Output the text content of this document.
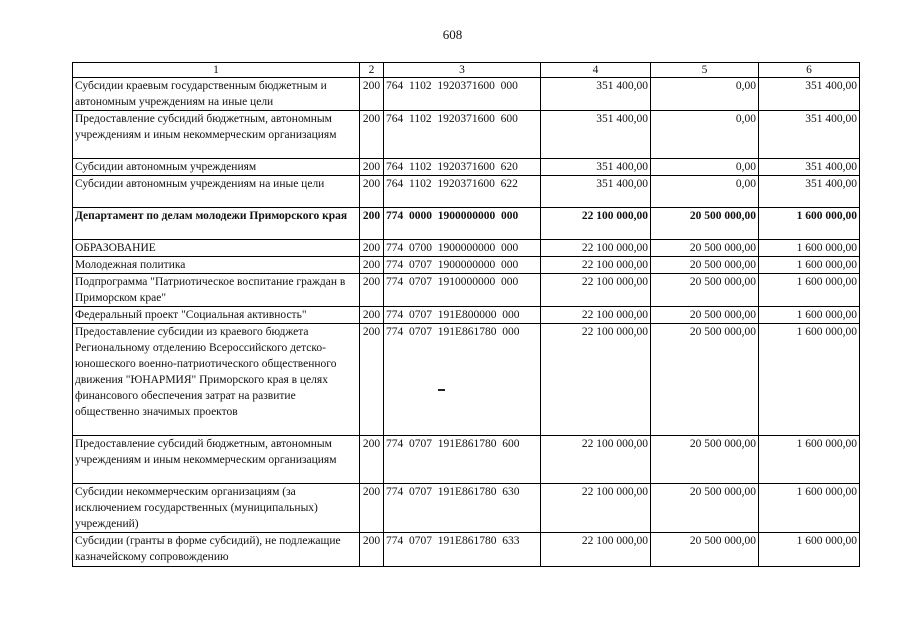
608
1	2	3	4	5	6
Субсидии краевым государственным бюджетным и автономным учреждениям на иные цели	200	764  1102  1920371600  000	351 400,00	0,00	351 400,00
Предоставление субсидий бюджетным, автономным учреждениям и иным некоммерческим организациям	200	764  1102  1920371600  600	351 400,00	0,00	351 400,00
Субсидии автономным учреждениям	200	764  1102  1920371600  620	351 400,00	0,00	351 400,00
Субсидии автономным учреждениям на иные цели	200	764  1102  1920371600  622	351 400,00	0,00	351 400,00
Департамент по делам молодежи Приморского края	200	774  0000  1900000000  000	22 100 000,00	20 500 000,00	1 600 000,00
ОБРАЗОВАНИЕ	200	774  0700  1900000000  000	22 100 000,00	20 500 000,00	1 600 000,00
Молодежная политика	200	774  0707  1900000000  000	22 100 000,00	20 500 000,00	1 600 000,00
Подпрограмма "Патриотическое воспитание граждан в Приморском крае"	200	774  0707  1910000000  000	22 100 000,00	20 500 000,00	1 600 000,00
Федеральный проект "Социальная активность"	200	774  0707  191E800000  000	22 100 000,00	20 500 000,00	1 600 000,00
Предоставление субсидии из краевого бюджета Региональному отделению Всероссийского детско-юношеского военно-патриотического общественного движения "ЮНАРМИЯ" Приморского края в целях финансового обеспечения затрат на развитие общественно значимых проектов	200	774  0707  191E861780  000	22 100 000,00	20 500 000,00	1 600 000,00
Предоставление субсидий бюджетным, автономным учреждениям и иным некоммерческим организациям	200	774  0707  191E861780  600	22 100 000,00	20 500 000,00	1 600 000,00
Субсидии некоммерческим организациям (за исключением государственных (муниципальных) учреждений)	200	774  0707  191E861780  630	22 100 000,00	20 500 000,00	1 600 000,00
Субсидии (гранты в форме субсидий), не подлежащие казначейскому сопровождению	200	774  0707  191E861780  633	22 100 000,00	20 500 000,00	1 600 000,00
